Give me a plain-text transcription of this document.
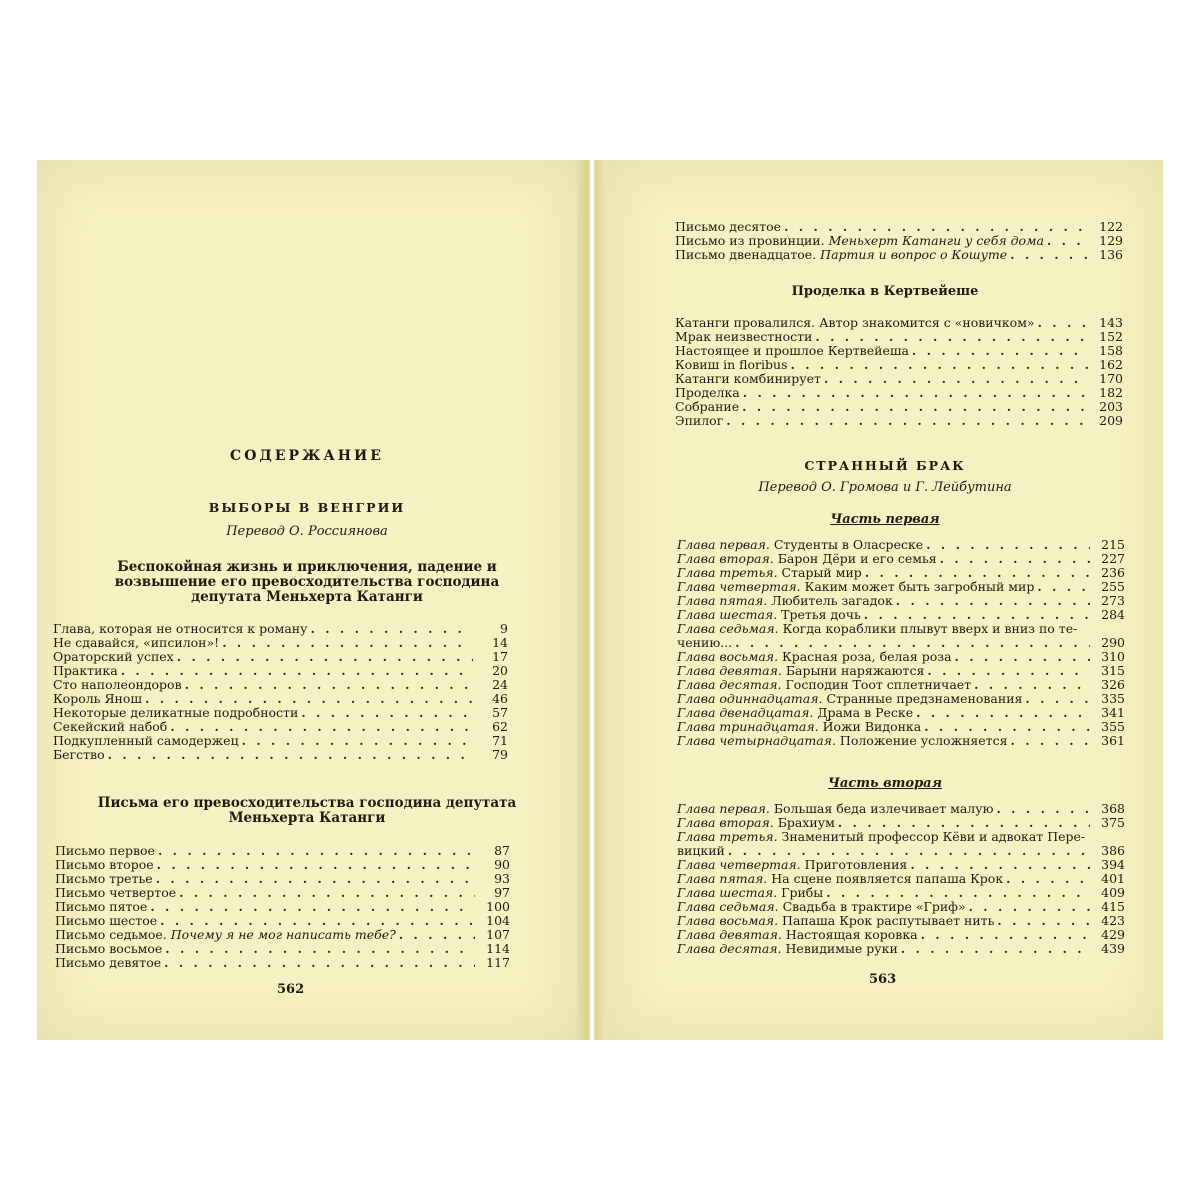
СОДЕРЖАНИЕ
ВЫБОРЫ В ВЕНГРИИ
Перевод О. Россиянова
Беспокойная жизнь и приключения, падение и
возвышение его превосходительства господина
депутата Меньхерта Катанги
Глава, которая не относится к роману . . .	9
Не сдавайся, «ипсилон»! . . .	14
Ораторский успех . . .	17
Практика . . .	20
Сто наполеондоров . . .	24
Король Янош . . .	46
Некоторые деликатные подробности . . .	57
Секейский набоб . . .	62
Подкупленный самодержец . . .	71
Бегство . . .	79
Письма его превосходительства господина депутата
Меньхерта Катанги
Письмо первое . . .	87
Письмо второе . . .	90
Письмо третье . . .	93
Письмо четвертое . . .	97
Письмо пятое . . .	100
Письмо шестое . . .	104
Письмо седьмое. Почему я не мог написать тебе? . . .	107
Письмо восьмое . . .	114
Письмо девятое . . .	117
562
Письмо десятое . . .	122
Письмо из провинции. Меньхерт Катанги у себя дома . . .	129
Письмо двенадцатое. Партия и вопрос о Кошуте . . .	136
Проделка в Кертвейеше
Катанги провалился. Автор знакомится с «новичком» . . .	143
Мрак неизвестности . . .	152
Настоящее и прошлое Кертвейеша . . .	158
Ковиш in floribus . . .	162
Катанги комбинирует . . .	170
Проделка . . .	182
Собрание . . .	203
Эпилог . . .	209
СТРАННЫЙ БРАК
Перевод О. Громова и Г. Лейбутина
Часть первая
Глава первая. Студенты в Оласреске . . .	215
Глава вторая. Барон Дёри и его семья . . .	227
Глава третья. Старый мир . . .	236
Глава четвертая. Каким может быть загробный мир . . .	255
Глава пятая. Любитель загадок . . .	273
Глава шестая. Третья дочь . . .	284
Глава седьмая. Когда кораблики плывут вверх и вниз по те-
чению... . . .	290
Глава восьмая. Красная роза, белая роза . . .	310
Глава девятая. Барыни наряжаются . . .	315
Глава десятая. Господин Тоот сплетничает . . .	326
Глава одиннадцатая. Странные предзнаменования . . .	335
Глава двенадцатая. Драма в Реске . . .	341
Глава тринадцатая. Йожи Видонка . . .	355
Глава четырнадцатая. Положение усложняется . . .	361
Часть вторая
Глава первая. Большая беда излечивает малую . . .	368
Глава вторая. Брахиум . . .	375
Глава третья. Знаменитый профессор Кёви и адвокат Пере-
вицкий . . .	386
Глава четвертая. Приготовления . . .	394
Глава пятая. На сцене появляется папаша Крок . . .	401
Глава шестая. Грибы . . .	409
Глава седьмая. Свадьба в трактире «Гриф» . . .	415
Глава восьмая. Папаша Крок распутывает нить . . .	423
Глава девятая. Настоящая коровка . . .	429
Глава десятая. Невидимые руки . . .	439
563
